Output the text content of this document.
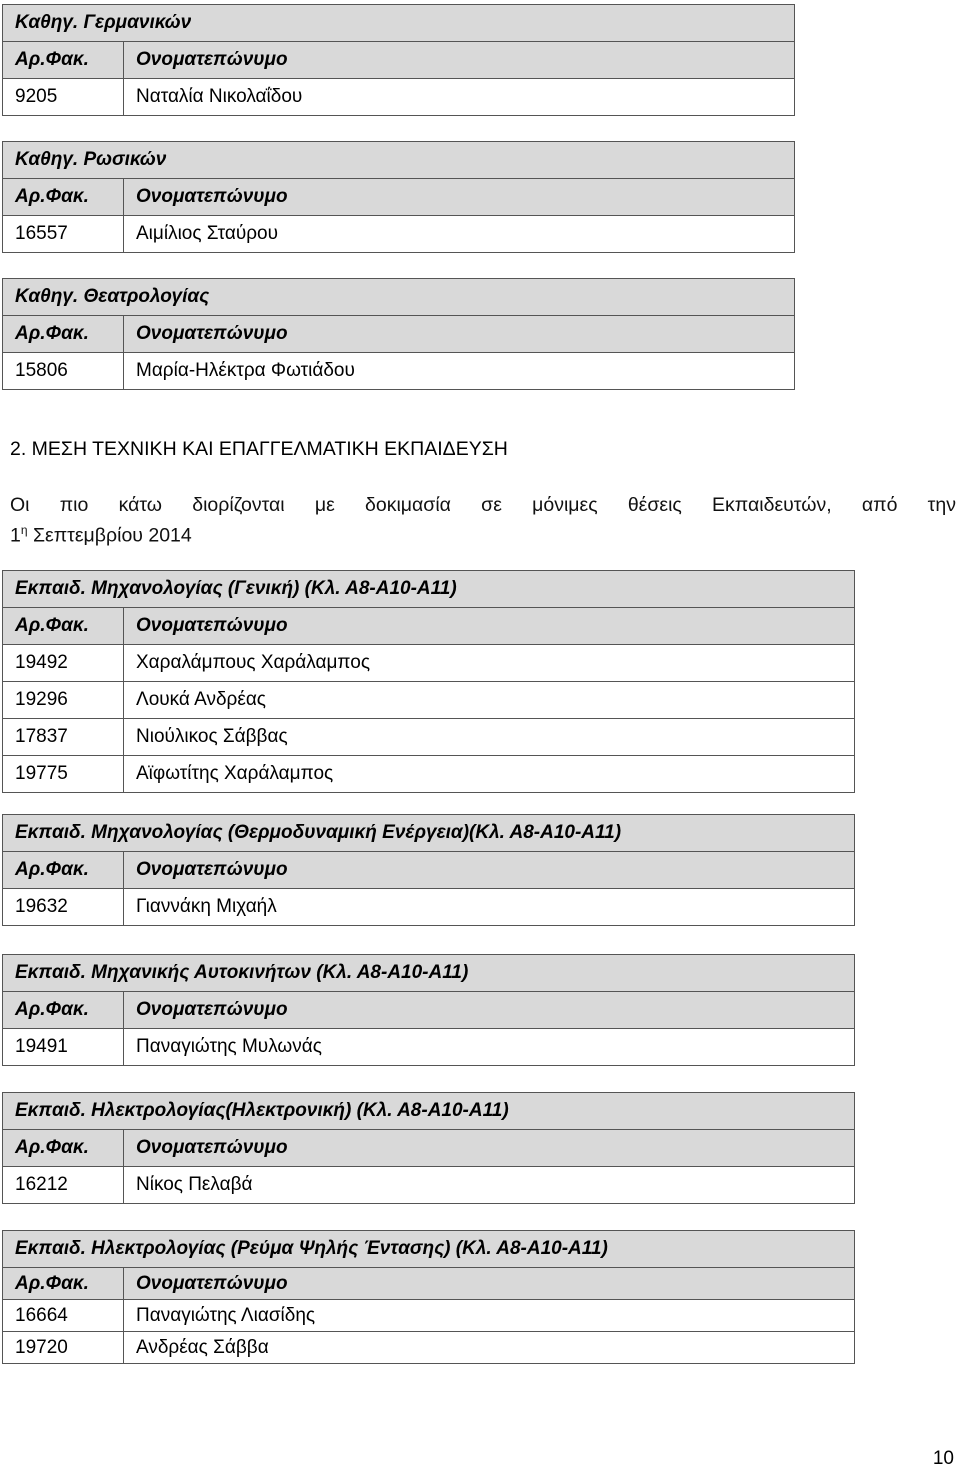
Καθηγ. Γερμανικών	
Αρ.Φακ.	Ονοματεπώνυμο
9205	Ναταλία Νικολαΐδου
Καθηγ. Ρωσικών	
Αρ.Φακ.	Ονοματεπώνυμο
16557	Αιμίλιος Σταύρου
Καθηγ. Θεατρολογίας	
Αρ.Φακ.	Ονοματεπώνυμο
15806	Μαρία-Ηλέκτρα Φωτιάδου
2. ΜΕΣΗ ΤΕΧΝΙΚΗ ΚΑΙ ΕΠΑΓΓΕΛΜΑΤΙΚΗ ΕΚΠΑΙΔΕΥΣΗ
Οι πιο κάτω διορίζονται με δοκιμασία σε μόνιμες θέσεις Εκπαιδευτών, από την
$1^\eta$ Σεπτεμβρίου 2014
Εκπαιδ. Μηχανολογίας (Γενική) (Κλ. Α8-Α10-Α11)	
Αρ.Φακ.	Ονοματεπώνυμο
19492	Χαραλάμπους Χαράλαμπος
19296	Λουκά Ανδρέας
17837	Νιούλικος Σάββας
19775	Αϊφωτίτης Χαράλαμπος
Εκπαιδ. Μηχανολογίας (Θερμοδυναμική Ενέργεια)(Κλ. Α8-Α10-Α11)	
Αρ.Φακ.	Ονοματεπώνυμο
19632	Γιαννάκη Μιχαήλ
Εκπαιδ. Μηχανικής Αυτοκινήτων (Κλ. Α8-Α10-Α11)	
Αρ.Φακ.	Ονοματεπώνυμο
19491	Παναγιώτης Μυλωνάς
Εκπαιδ. Ηλεκτρολογίας(Ηλεκτρονική) (Κλ. Α8-Α10-Α11)	
Αρ.Φακ.	Ονοματεπώνυμο
16212	Νίκος Πελαβά
Εκπαιδ. Ηλεκτρολογίας (Ρεύμα Ψηλής Έντασης) (Κλ. Α8-Α10-Α11)	
Αρ.Φακ.	Ονοματεπώνυμο
16664	Παναγιώτης Λιασίδης
19720	Ανδρέας Σάββα
10
